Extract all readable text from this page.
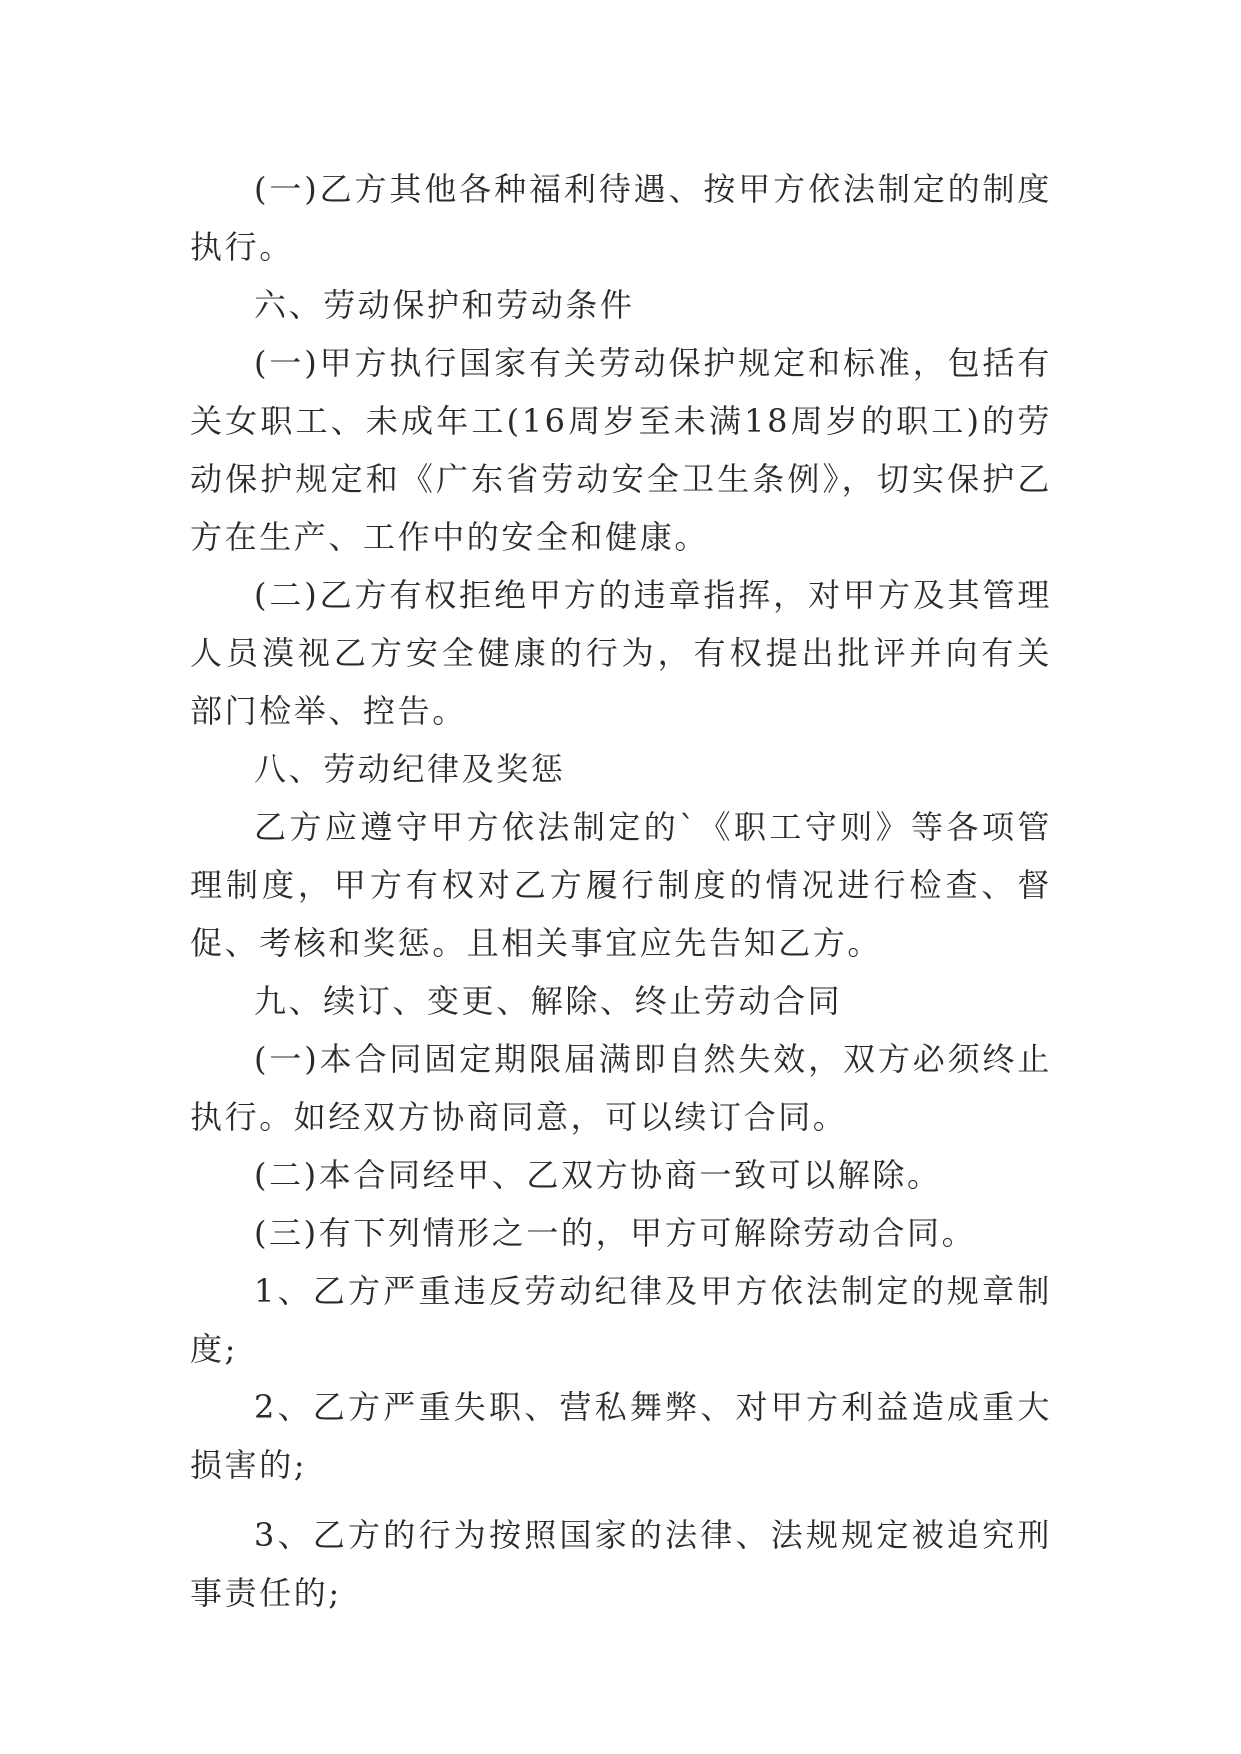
(一)乙方其他各种福利待遇、按甲方依法制定的制度执行。

六、劳动保护和劳动条件

(一)甲方执行国家有关劳动保护规定和标准，包括有关女职工、未成年工(16周岁至未满18周岁的职工)的劳动保护规定和《广东省劳动安全卫生条例》，切实保护乙方在生产、工作中的安全和健康。

(二)乙方有权拒绝甲方的违章指挥，对甲方及其管理人员漠视乙方安全健康的行为，有权提出批评并向有关部门检举、控告。

八、劳动纪律及奖惩

乙方应遵守甲方依法制定的`《职工守则》等各项管理制度，甲方有权对乙方履行制度的情况进行检查、督促、考核和奖惩。且相关事宜应先告知乙方。

九、续订、变更、解除、终止劳动合同

(一)本合同固定期限届满即自然失效，双方必须终止执行。如经双方协商同意，可以续订合同。

(二)本合同经甲、乙双方协商一致可以解除。

(三)有下列情形之一的，甲方可解除劳动合同。

1、乙方严重违反劳动纪律及甲方依法制定的规章制度;

2、乙方严重失职、营私舞弊、对甲方利益造成重大损害的;

3、乙方的行为按照国家的法律、法规规定被追究刑事责任的;
